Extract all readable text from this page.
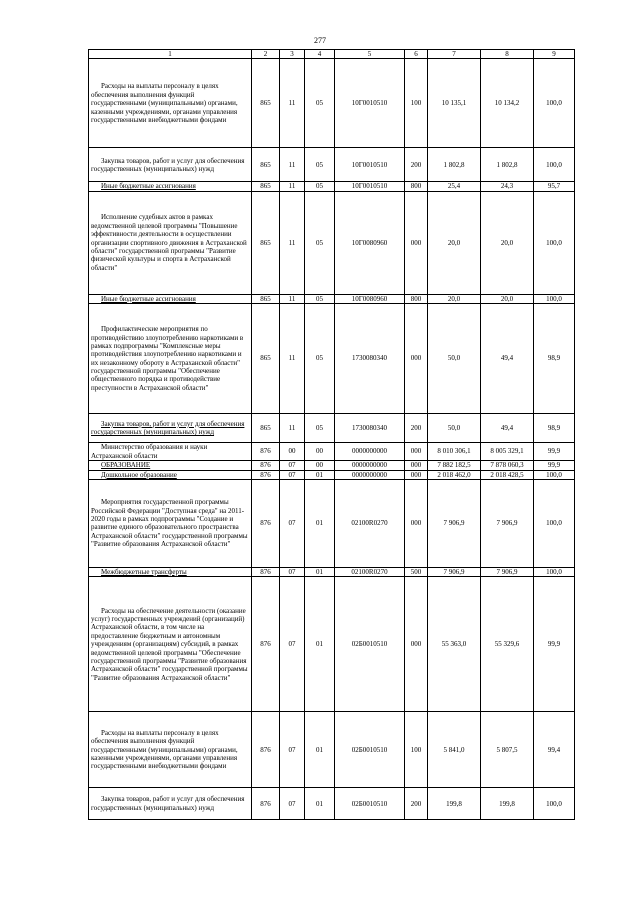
277
1	2	3	4	5	6	7	8	9

Расходы на выплаты персоналу в целях обеспечения выполнения функций государственными (муниципальными) органами, казенными учреждениями, органами управления государственными внебюджетными фондами	865	11	05	10Г0010510	100	10 135,1	10 134,2	100,0

Закупка товаров, работ и услуг для обеспечения государственных (муниципальных) нужд	865	11	05	10Г0010510	200	1 802,8	1 802,8	100,0

Иные бюджетные ассигнования	865	11	05	10Г0010510	800	25,4	24,3	95,7

Исполнение судебных актов в рамках ведомственной целевой программы "Повышение эффективности деятельности в осуществлении организации спортивного движения в Астраханской области" государственной программы "Развитие физической культуры и спорта в Астраханской области"	865	11	05	10Г0080960	000	20,0	20,0	100,0

Иные бюджетные ассигнования	865	11	05	10Г0080960	800	20,0	20,0	100,0

Профилактические мероприятия по противодействию злоупотреблению наркотиками в рамках подпрограммы "Комплексные меры противодействия злоупотреблению наркотиками и их незаконному обороту в Астраханской области" государственной программы "Обеспечение общественного порядка и противодействие преступности в Астраханской области"	865	11	05	1730080340	000	50,0	49,4	98,9

Закупка товаров, работ и услуг для обеспечения государственных (муниципальных) нужд	865	11	05	1730080340	200	50,0	49,4	98,9

Министерство образования и науки Астраханской области	876	00	00	0000000000	000	8 010 306,1	8 005 329,1	99,9

ОБРАЗОВАНИЕ	876	07	00	0000000000	000	7 882 182,5	7 878 060,3	99,9

Дошкольное образование	876	07	01	0000000000	000	2 018 462,0	2 018 428,5	100,0

Мероприятия государственной программы Российской Федерации "Доступная среда" на 2011-2020 годы в рамках подпрограммы "Создание и развитие единого образовательного пространства Астраханской области" государственной программы "Развитие образования Астраханской области"	876	07	01	02100R0270	000	7 906,9	7 906,9	100,0

Межбюджетные трансферты	876	07	01	02100R0270	500	7 906,9	7 906,9	100,0

Расходы на обеспечение деятельности (оказание услуг) государственных учреждений (организаций) Астраханской области, в том числе на предоставление бюджетным и автономным учреждениям (организациям) субсидий, в рамках ведомственной целевой программы "Обеспечение государственной программы "Развитие образования Астраханской области" государственной программы "Развитие образования Астраханской области"	876	07	01	02Б0010510	000	55 363,0	55 329,6	99,9

Расходы на выплаты персоналу в целях обеспечения выполнения функций государственными (муниципальными) органами, казенными учреждениями, органами управления государственными внебюджетными фондами	876	07	01	02Б0010510	100	5 841,0	5 807,5	99,4

Закупка товаров, работ и услуг для обеспечения государственных (муниципальных) нужд	876	07	01	02Б0010510	200	199,8	199,8	100,0
